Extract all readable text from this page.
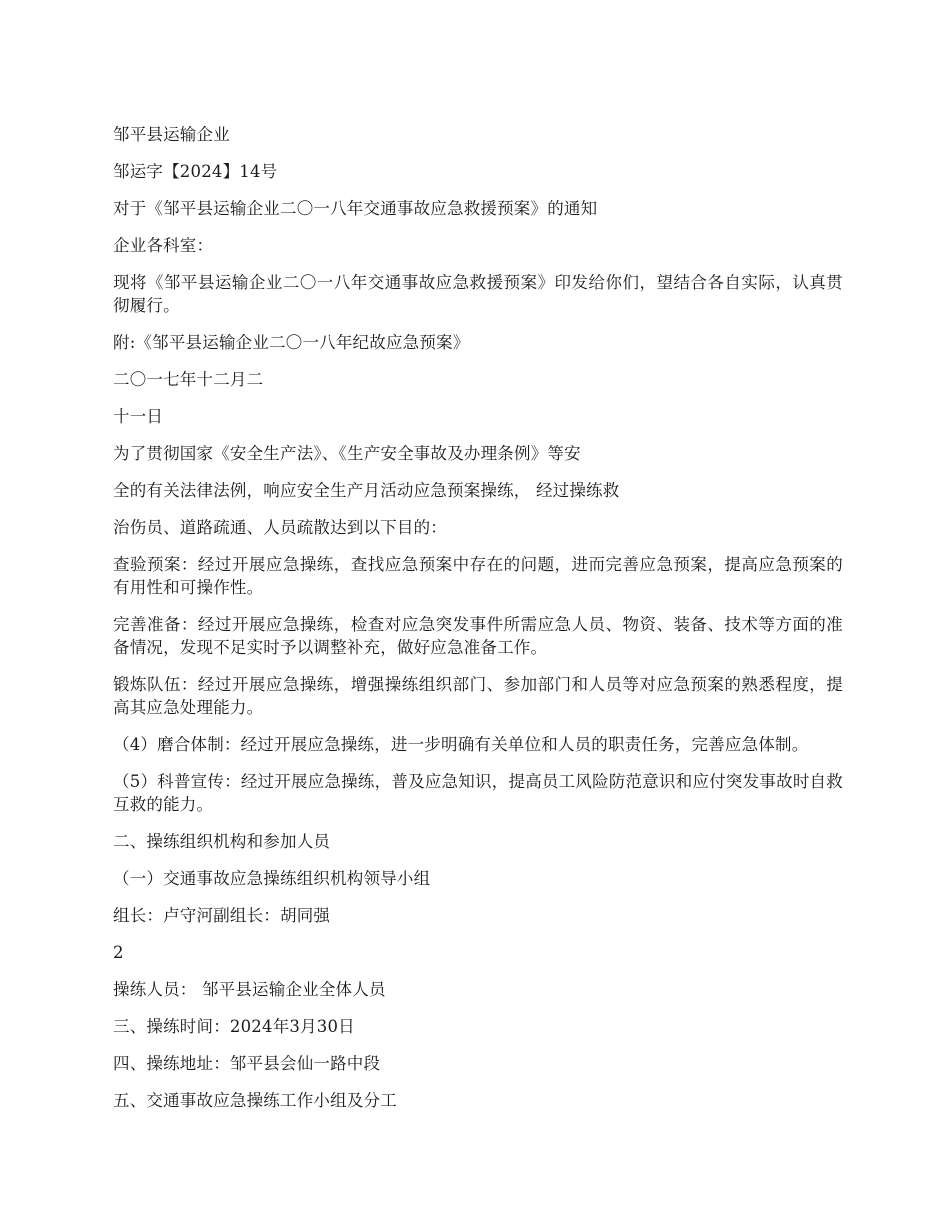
邹平县运输企业

邹运字【2024】14号

对于《邹平县运输企业二〇一八年交通事故应急救援预案》的通知

企业各科室：

现将《邹平县运输企业二〇一八年交通事故应急救援预案》印发给你们，望结合各自实际，认真贯彻履行。

附:《邹平县运输企业二〇一八年纪故应急预案》

二〇一七年十二月二

十一日

为了贯彻国家《安全生产法》、《生产安全事故及办理条例》等安

全的有关法律法例，响应安全生产月活动应急预案操练， 经过操练救

治伤员、道路疏通、人员疏散达到以下目的：

查验预案：经过开展应急操练，查找应急预案中存在的问题，进而完善应急预案，提高应急预案的有用性和可操作性。

完善准备：经过开展应急操练，检查对应急突发事件所需应急人员、物资、装备、技术等方面的准备情况，发现不足实时予以调整补充，做好应急准备工作。

锻炼队伍：经过开展应急操练，增强操练组织部门、参加部门和人员等对应急预案的熟悉程度，提高其应急处理能力。

（4）磨合体制：经过开展应急操练，进一步明确有关单位和人员的职责任务，完善应急体制。

（5）科普宣传：经过开展应急操练，普及应急知识，提高员工风险防范意识和应付突发事故时自救互救的能力。

二、操练组织机构和参加人员

（一）交通事故应急操练组织机构领导小组

组长：卢守河副组长：胡同强

2

操练人员： 邹平县运输企业全体人员

三、操练时间：2024年3月30日

四、操练地址：邹平县会仙一路中段

五、交通事故应急操练工作小组及分工
